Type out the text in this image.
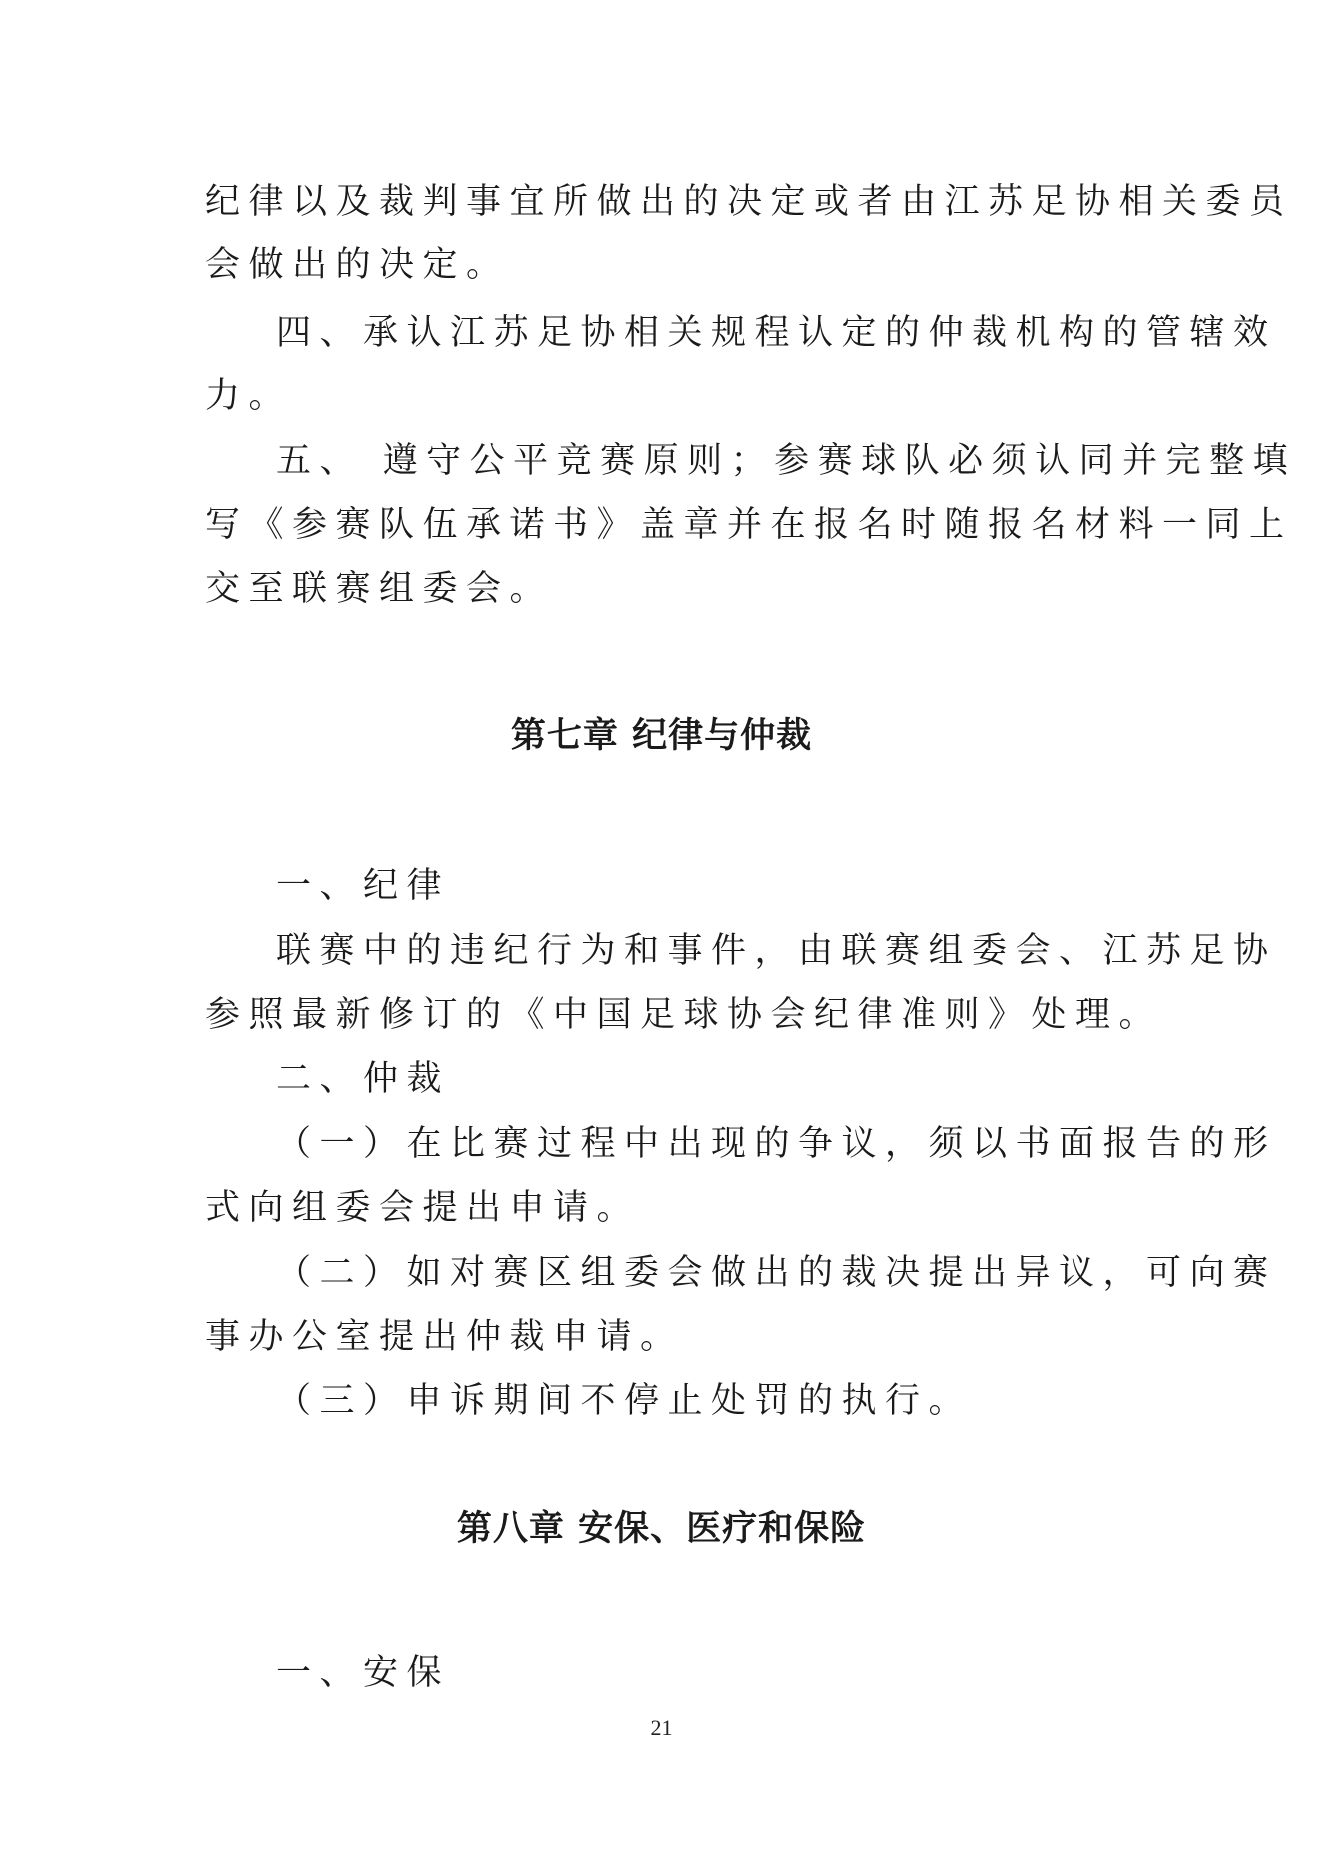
纪律以及裁判事宜所做出的决定或者由江苏足协相关委员
会做出的决定。
四、承认江苏足协相关规程认定的仲裁机构的管辖效
力。
五、 遵守公平竞赛原则；参赛球队必须认同并完整填
写《参赛队伍承诺书》盖章并在报名时随报名材料一同上
交至联赛组委会。
第七章 纪律与仲裁
一、纪律
联赛中的违纪行为和事件，由联赛组委会、江苏足协
参照最新修订的《中国足球协会纪律准则》处理。
二、仲裁
（一）在比赛过程中出现的争议，须以书面报告的形
式向组委会提出申请。
（二）如对赛区组委会做出的裁决提出异议，可向赛
事办公室提出仲裁申请。
（三）申诉期间不停止处罚的执行。
第八章 安保、医疗和保险
一、安保
21
